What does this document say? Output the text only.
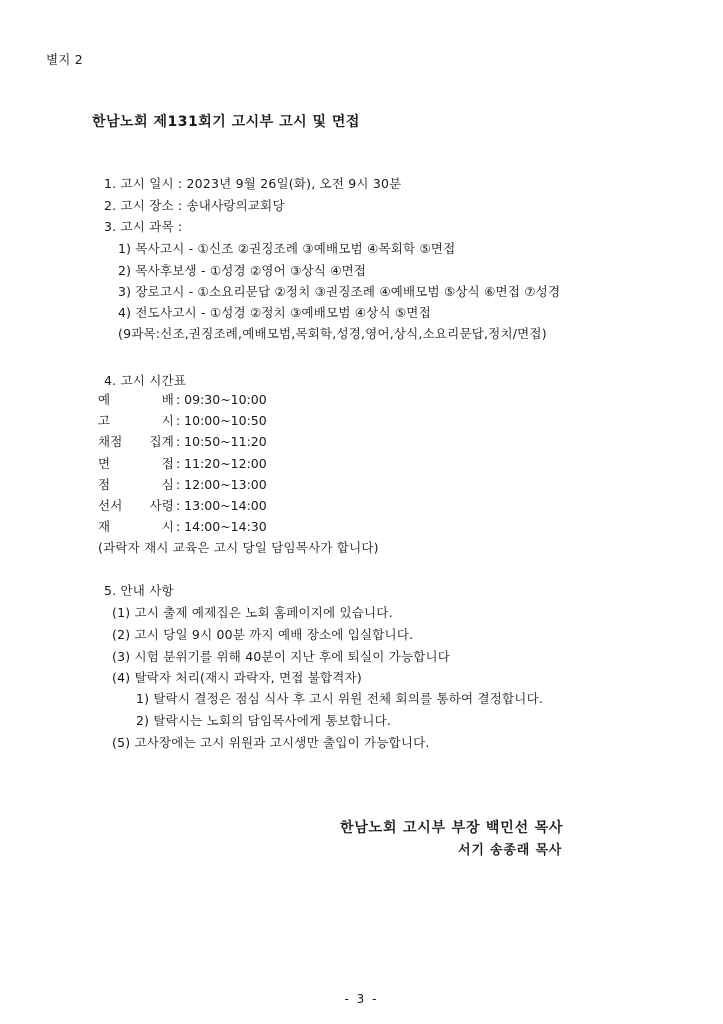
별지 2
한남노회 제131회기 고시부 고시 및 면접
1. 고시 일시 : 2023년 9월 26일(화), 오전 9시 30분
2. 고시 장소 : 송내사랑의교회당
3. 고시 과목 :
1) 목사고시 - ①신조 ②권징조례 ③예배모범 ④목회학 ⑤면접
2) 목사후보생 - ①성경 ②영어 ③상식 ④면접
3) 장로고시 - ①소요리문답 ②정치 ③권징조례 ④예배모범 ⑤상식 ⑥면접 ⑦성경
4) 전도사고시 - ①성경 ②정치 ③예배모범 ④상식 ⑤면접
(9과목:신조,권징조례,예배모범,목회학,성경,영어,상식,소요리문답,정치/면접)
4. 고시 시간표
예	배 : 09:30~10:00
고	시 : 10:00~10:50
채점 집계 : 10:50~11:20
면	접 : 11:20~12:00
점	심 : 12:00~13:00
선서 사령 : 13:00~14:00
재	시 : 14:00~14:30
(과락자 재시 교육은 고시 당일 담임목사가 합니다)
5. 안내 사항
(1) 고시 출제 예제집은 노회 홈페이지에 있습니다.
(2) 고시 당일 9시 00분 까지 예배 장소에 입실합니다.
(3) 시험 분위기를 위해 40분이 지난 후에 퇴실이 가능합니다
(4) 탈락자 처리(재시 과락자, 면접 불합격자)
1) 탈락시 결정은 점심 식사 후 고시 위원 전체 회의를 통하여 결정합니다.
2) 탈락시는 노회의 담임목사에게 통보합니다.
(5) 고사장에는 고시 위원과 고시생만 출입이 가능합니다.
한남노회 고시부 부장 백민선 목사
서기 송종래 목사
- 3 -
